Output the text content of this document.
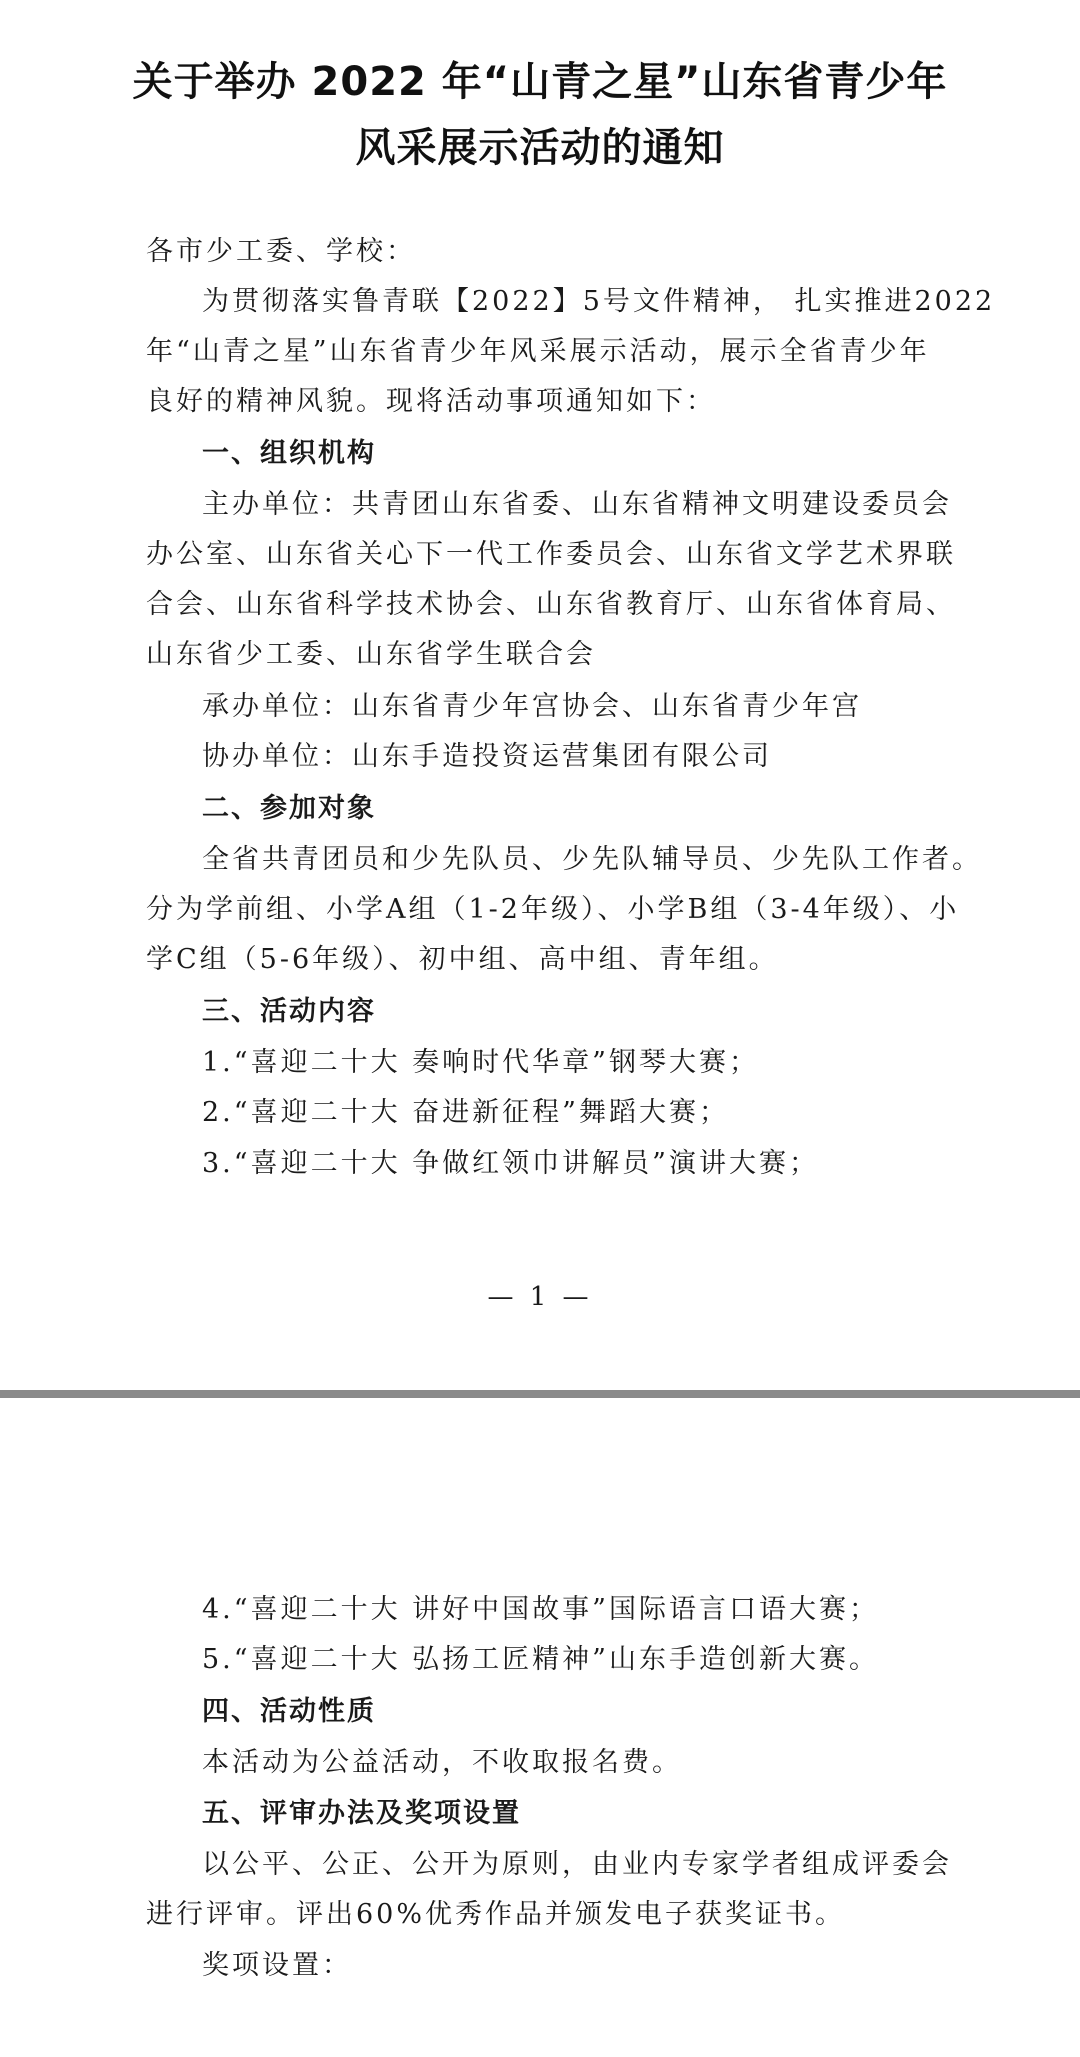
关于举办 2022 年“山青之星”山东省青少年
风采展示活动的通知
各市少工委、学校：
为贯彻落实鲁青联【2022】5号文件精神， 扎实推进2022
年“山青之星”山东省青少年风采展示活动，展示全省青少年
良好的精神风貌。现将活动事项通知如下：
一、组织机构
主办单位：共青团山东省委、山东省精神文明建设委员会
办公室、山东省关心下一代工作委员会、山东省文学艺术界联
合会、山东省科学技术协会、山东省教育厅、山东省体育局、
山东省少工委、山东省学生联合会
承办单位：山东省青少年宫协会、山东省青少年宫
协办单位：山东手造投资运营集团有限公司
二、参加对象
全省共青团员和少先队员、少先队辅导员、少先队工作者。
分为学前组、小学A组（1-2年级）、小学B组（3-4年级）、小
学C组（5-6年级）、初中组、高中组、青年组。
三、活动内容
1.“喜迎二十大 奏响时代华章”钢琴大赛；
2.“喜迎二十大 奋进新征程”舞蹈大赛；
3.“喜迎二十大 争做红领巾讲解员”演讲大赛；
— 1 —
4.“喜迎二十大 讲好中国故事”国际语言口语大赛；
5.“喜迎二十大 弘扬工匠精神”山东手造创新大赛。
四、活动性质
本活动为公益活动，不收取报名费。
五、评审办法及奖项设置
以公平、公正、公开为原则，由业内专家学者组成评委会
进行评审。评出60%优秀作品并颁发电子获奖证书。
奖项设置：
